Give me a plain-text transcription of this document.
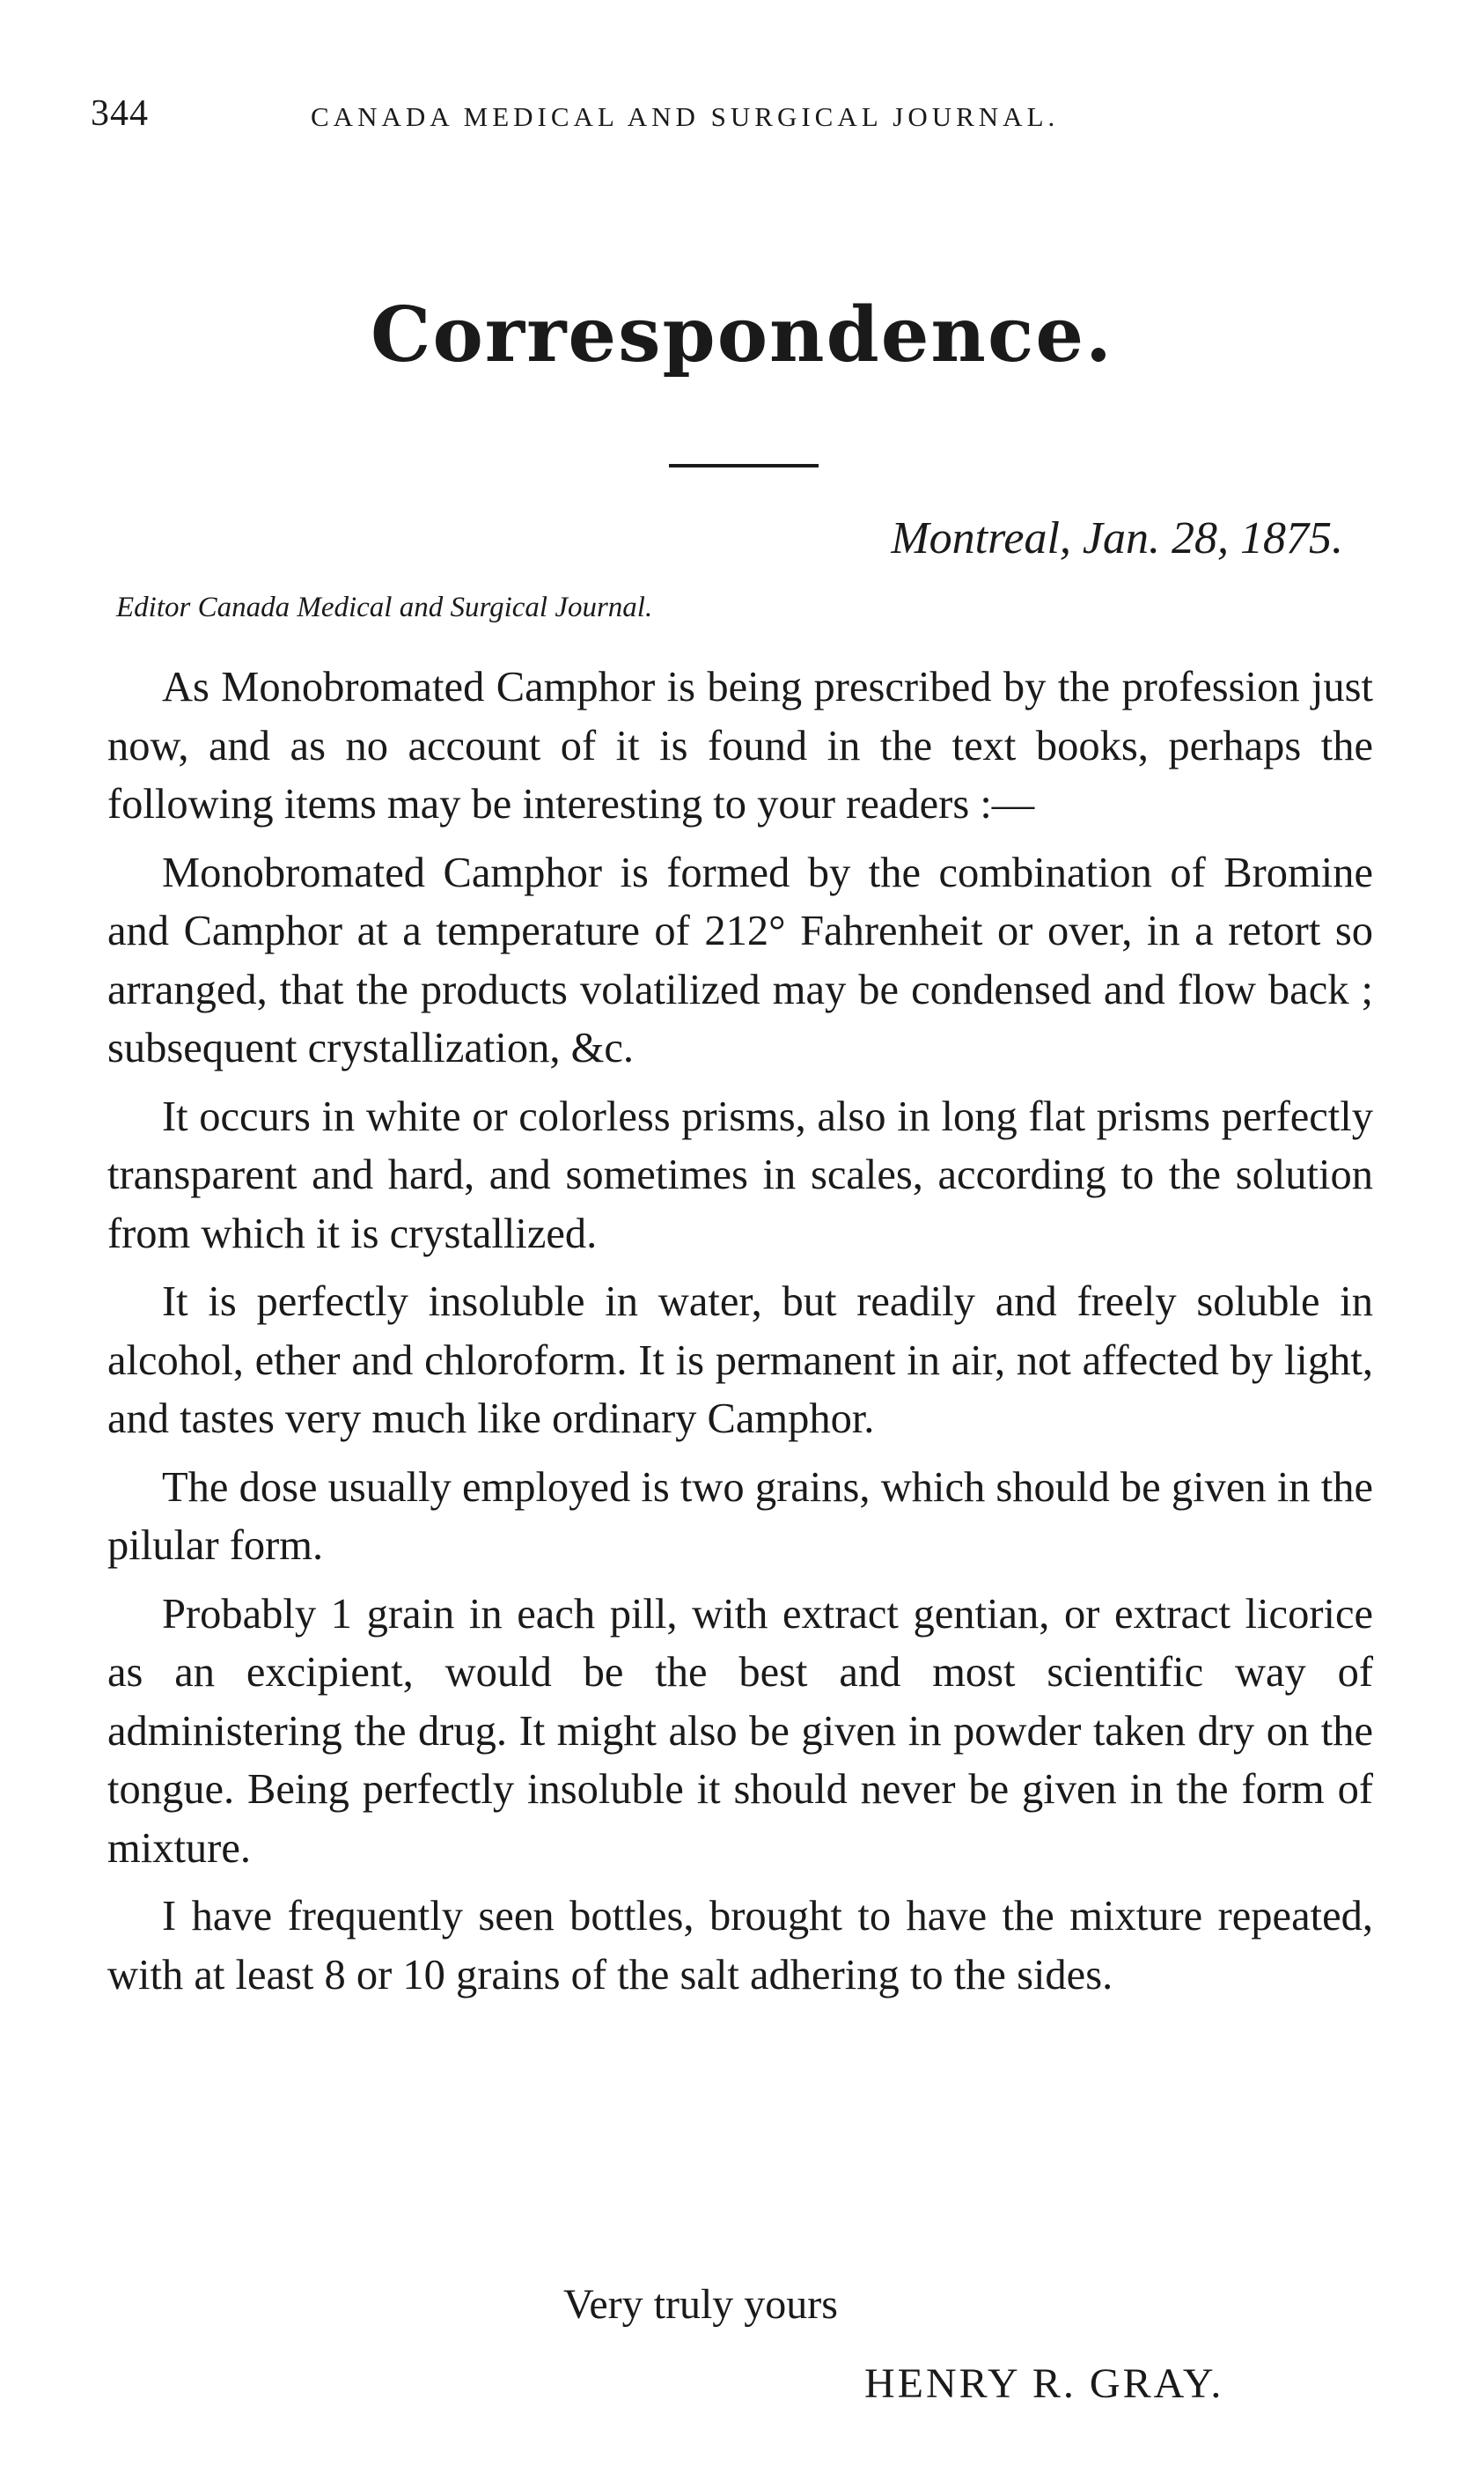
344	CANADA MEDICAL AND SURGICAL JOURNAL.
Correspondence.
Montreal, Jan. 28, 1875.
Editor Canada Medical and Surgical Journal.

As Monobromated Camphor is being prescribed by the profession just now, and as no account of it is found in the text books, perhaps the following items may be interesting to your readers :—

Monobromated Camphor is formed by the combination of Bromine and Camphor at a temperature of 212° Fahrenheit or over, in a retort so arranged, that the products volatilized may be condensed and flow back ; subsequent crystallization, &c.

It occurs in white or colorless prisms, also in long flat prisms perfectly transparent and hard, and sometimes in scales, according to the solution from which it is crystallized.

It is perfectly insoluble in water, but readily and freely soluble in alcohol, ether and chloroform. It is permanent in air, not affected by light, and tastes very much like ordinary Camphor.

The dose usually employed is two grains, which should be given in the pilular form.

Probably 1 grain in each pill, with extract gentian, or extract licorice as an excipient, would be the best and most scientific way of administering the drug. It might also be given in powder taken dry on the tongue. Being perfectly insoluble it should never be given in the form of mixture.

I have frequently seen bottles, brought to have the mixture repeated, with at least 8 or 10 grains of the salt adhering to the sides.

Very truly yours
HENRY R. GRAY.
